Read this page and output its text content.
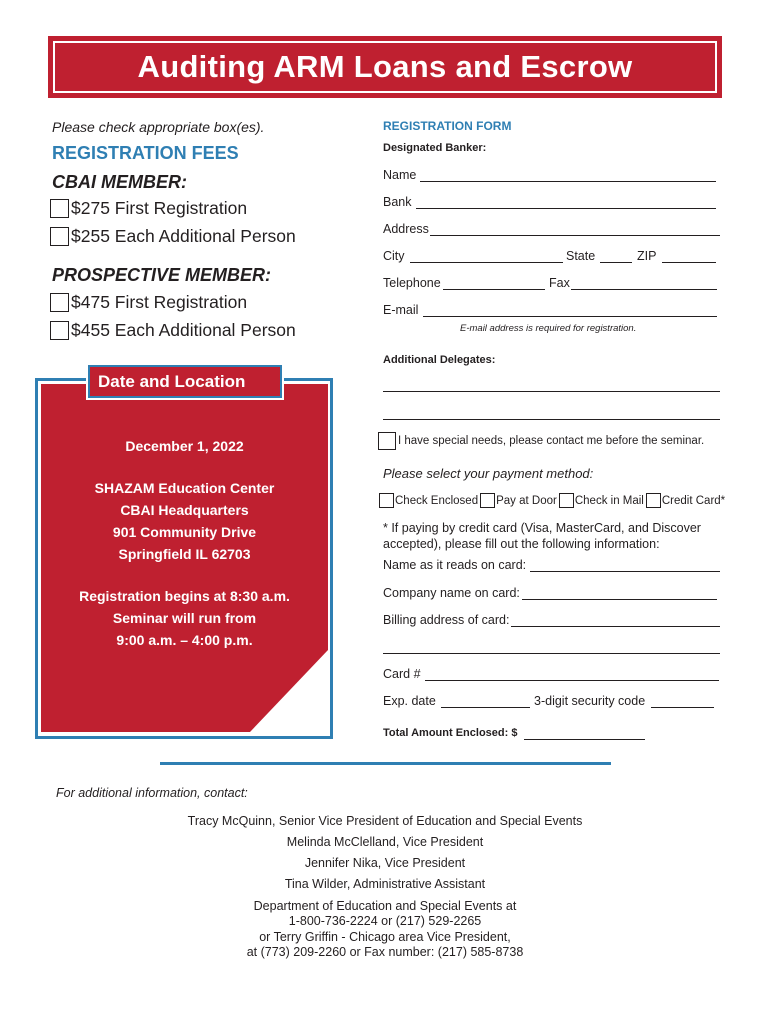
Auditing ARM Loans and Escrow
Please check appropriate box(es).
REGISTRATION FEES
CBAI MEMBER:
$275 First Registration
$255 Each Additional Person
PROSPECTIVE MEMBER:
$475 First Registration
$455 Each Additional Person
Date and Location
December 1, 2022
SHAZAM Education Center
CBAI Headquarters
901 Community Drive
Springfield IL 62703
Registration begins at 8:30 a.m.
Seminar will run from
9:00 a.m. – 4:00 p.m.
REGISTRATION FORM
Designated Banker:
Name
Bank
Address
City	State	ZIP
Telephone	Fax
E-mail
E-mail address is required for registration.
Additional Delegates:
I have special needs, please contact me before the seminar.
Please select your payment method:
Check Enclosed Pay at Door Check in Mail Credit Card*
* If paying by credit card (Visa, MasterCard, and Discover accepted), please fill out the following information:
Name as it reads on card:
Company name on card:
Billing address of card:
Card #
Exp. date	3-digit security code
Total Amount Enclosed: $
For additional information, contact:
Tracy McQuinn, Senior Vice President of Education and Special Events
Melinda McClelland, Vice President
Jennifer Nika, Vice President
Tina Wilder, Administrative Assistant
Department of Education and Special Events at
1-800-736-2224 or (217) 529-2265
or Terry Griffin - Chicago area Vice President,
at (773) 209-2260 or Fax number: (217) 585-8738
